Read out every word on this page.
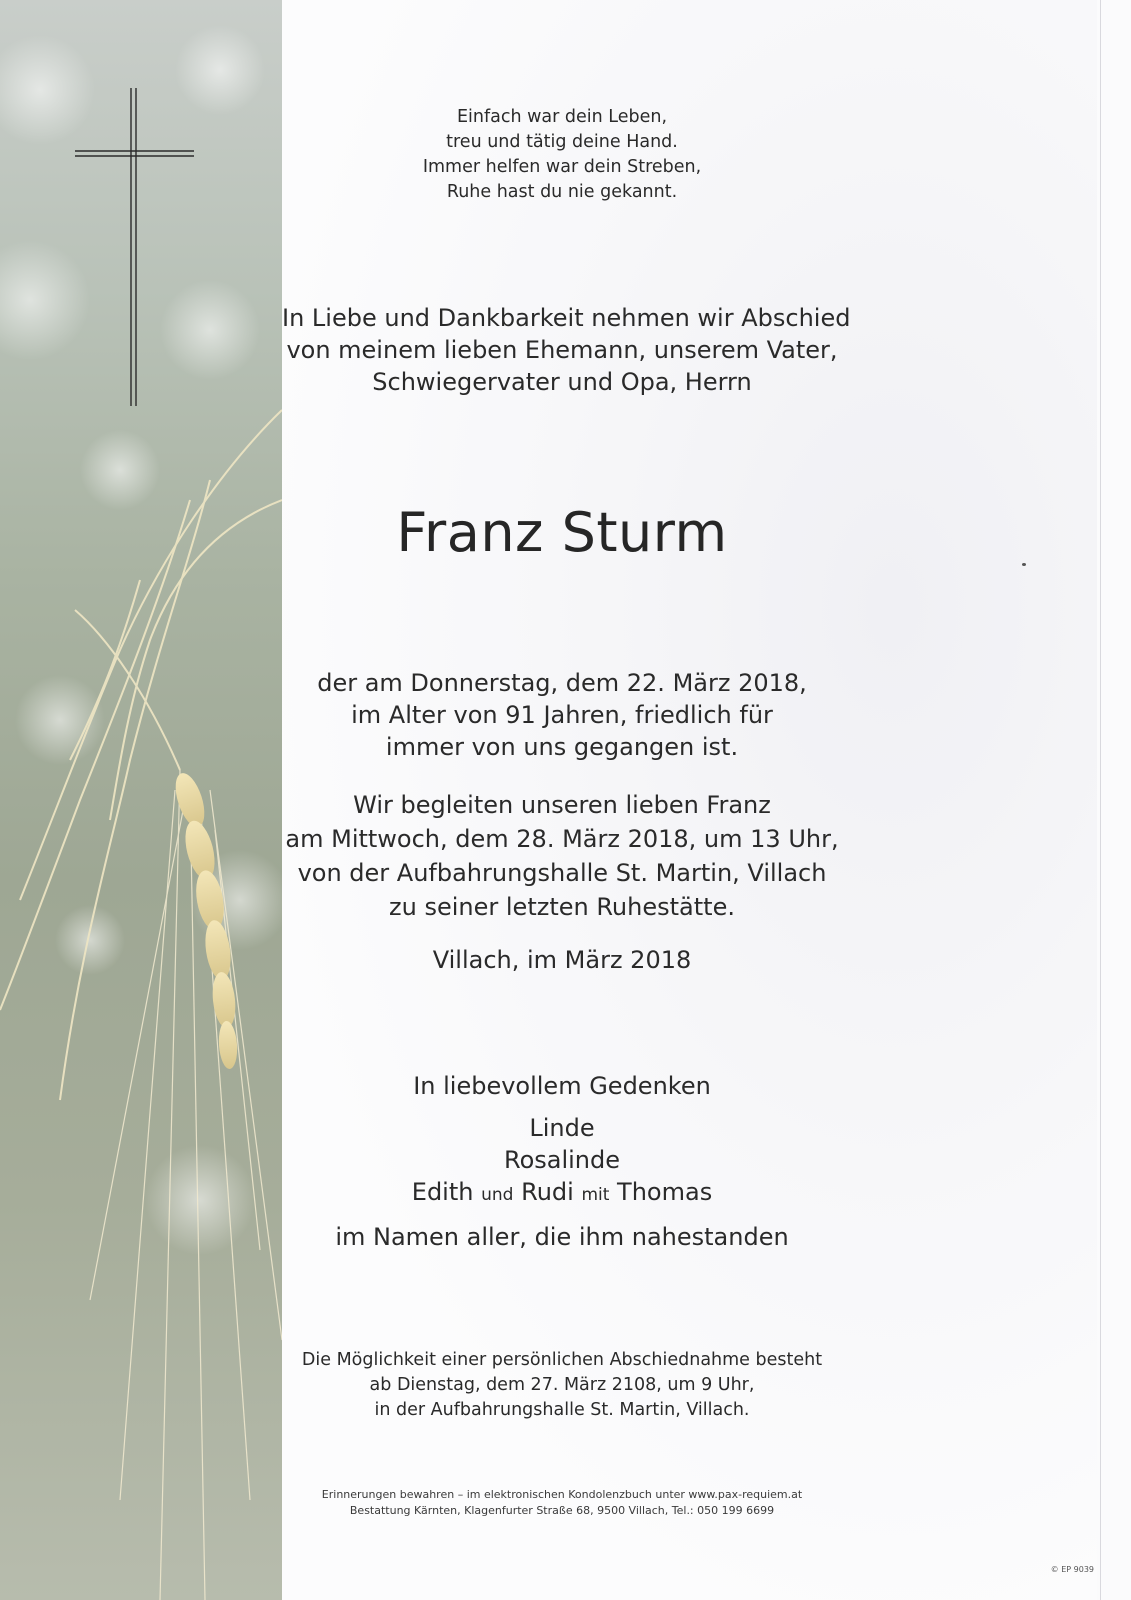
Einfach war dein Leben,
treu und tätig deine Hand.
Immer helfen war dein Streben,
Ruhe hast du nie gekannt.
In Liebe und Dankbarkeit nehmen wir Abschied
von meinem lieben Ehemann, unserem Vater,
Schwiegervater und Opa, Herrn
Franz Sturm
der am Donnerstag, dem 22. März 2018,
im Alter von 91 Jahren, friedlich für
immer von uns gegangen ist.
Wir begleiten unseren lieben Franz
am Mittwoch, dem 28. März 2018, um 13 Uhr,
von der Aufbahrungshalle St. Martin, Villach
zu seiner letzten Ruhestätte.
Villach, im März 2018
In liebevollem Gedenken
Linde
Rosalinde
Edith und Rudi mit Thomas
im Namen aller, die ihm nahestanden
Die Möglichkeit einer persönlichen Abschiednahme besteht
ab Dienstag, dem 27. März 2108, um 9 Uhr,
in der Aufbahrungshalle St. Martin, Villach.
Erinnerungen bewahren – im elektronischen Kondolenzbuch unter www.pax-requiem.at
Bestattung Kärnten, Klagenfurter Straße 68, 9500 Villach, Tel.: 050 199 6699
© EP 9039
